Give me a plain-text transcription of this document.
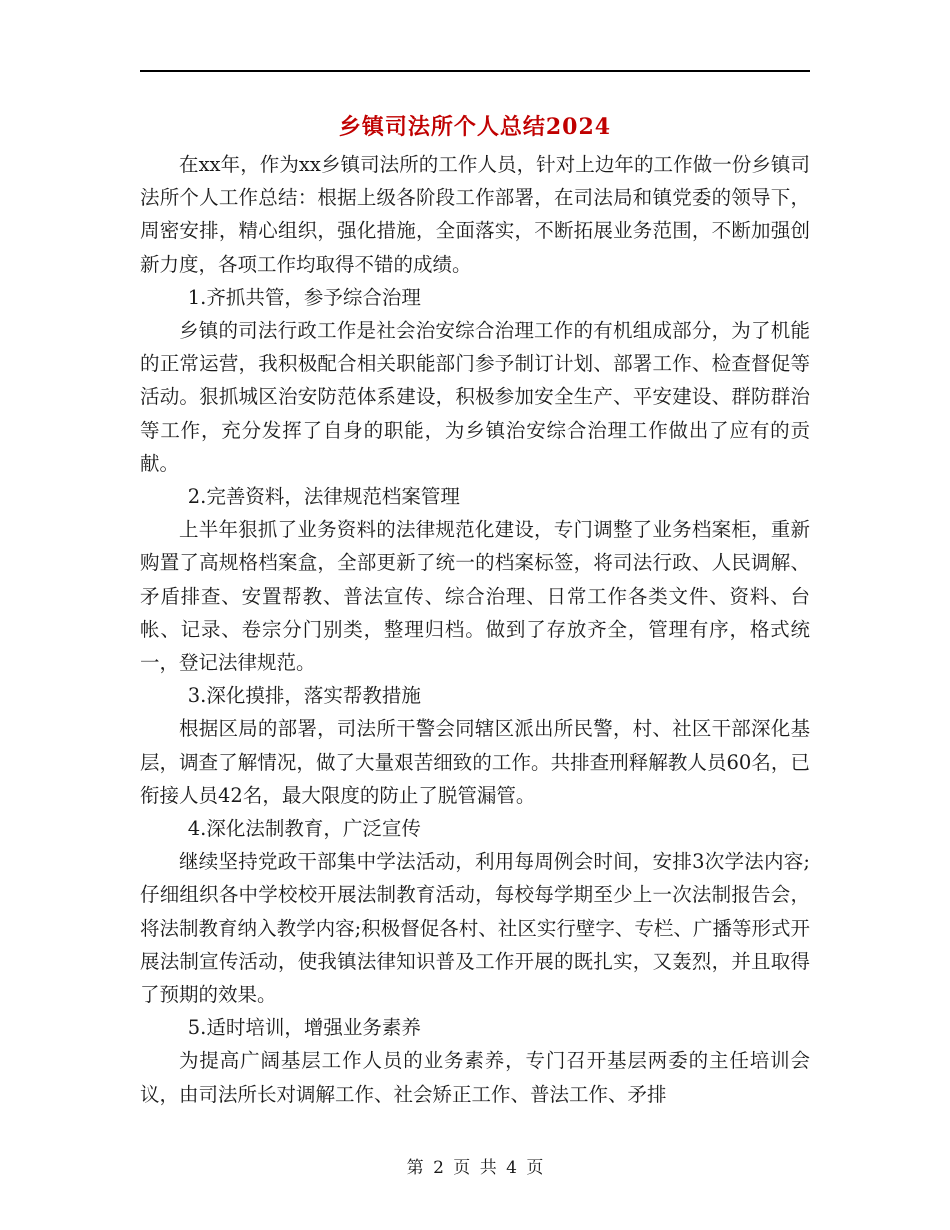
乡镇司法所个人总结2024

在xx年，作为xx乡镇司法所的工作人员，针对上边年的工作做一份乡镇司法所个人工作总结：根据上级各阶段工作部署，在司法局和镇党委的领导下，周密安排，精心组织，强化措施，全面落实，不断拓展业务范围，不断加强创新力度，各项工作均取得不错的成绩。

1.齐抓共管，参予综合治理

乡镇的司法行政工作是社会治安综合治理工作的有机组成部分，为了机能的正常运营，我积极配合相关职能部门参予制订计划、部署工作、检查督促等活动。狠抓城区治安防范体系建设，积极参加安全生产、平安建设、群防群治等工作，充分发挥了自身的职能，为乡镇治安综合治理工作做出了应有的贡献。

2.完善资料，法律规范档案管理

上半年狠抓了业务资料的法律规范化建设，专门调整了业务档案柜，重新购置了高规格档案盒，全部更新了统一的档案标签，将司法行政、人民调解、矛盾排查、安置帮教、普法宣传、综合治理、日常工作各类文件、资料、台帐、记录、卷宗分门别类，整理归档。做到了存放齐全，管理有序，格式统一，登记法律规范。

3.深化摸排，落实帮教措施

根据区局的部署，司法所干警会同辖区派出所民警，村、社区干部深化基层，调查了解情况，做了大量艰苦细致的工作。共排查刑释解教人员60名，已衔接人员42名，最大限度的防止了脱管漏管。

4.深化法制教育，广泛宣传

继续坚持党政干部集中学法活动，利用每周例会时间，安排3次学法内容;仔细组织各中学校校开展法制教育活动，每校每学期至少上一次法制报告会，将法制教育纳入教学内容;积极督促各村、社区实行壁字、专栏、广播等形式开展法制宣传活动，使我镇法律知识普及工作开展的既扎实，又轰烈，并且取得了预期的效果。

5.适时培训，增强业务素养

为提高广阔基层工作人员的业务素养，专门召开基层两委的主任培训会议，由司法所长对调解工作、社会矫正工作、普法工作、矛排

第 2 页 共 4 页
